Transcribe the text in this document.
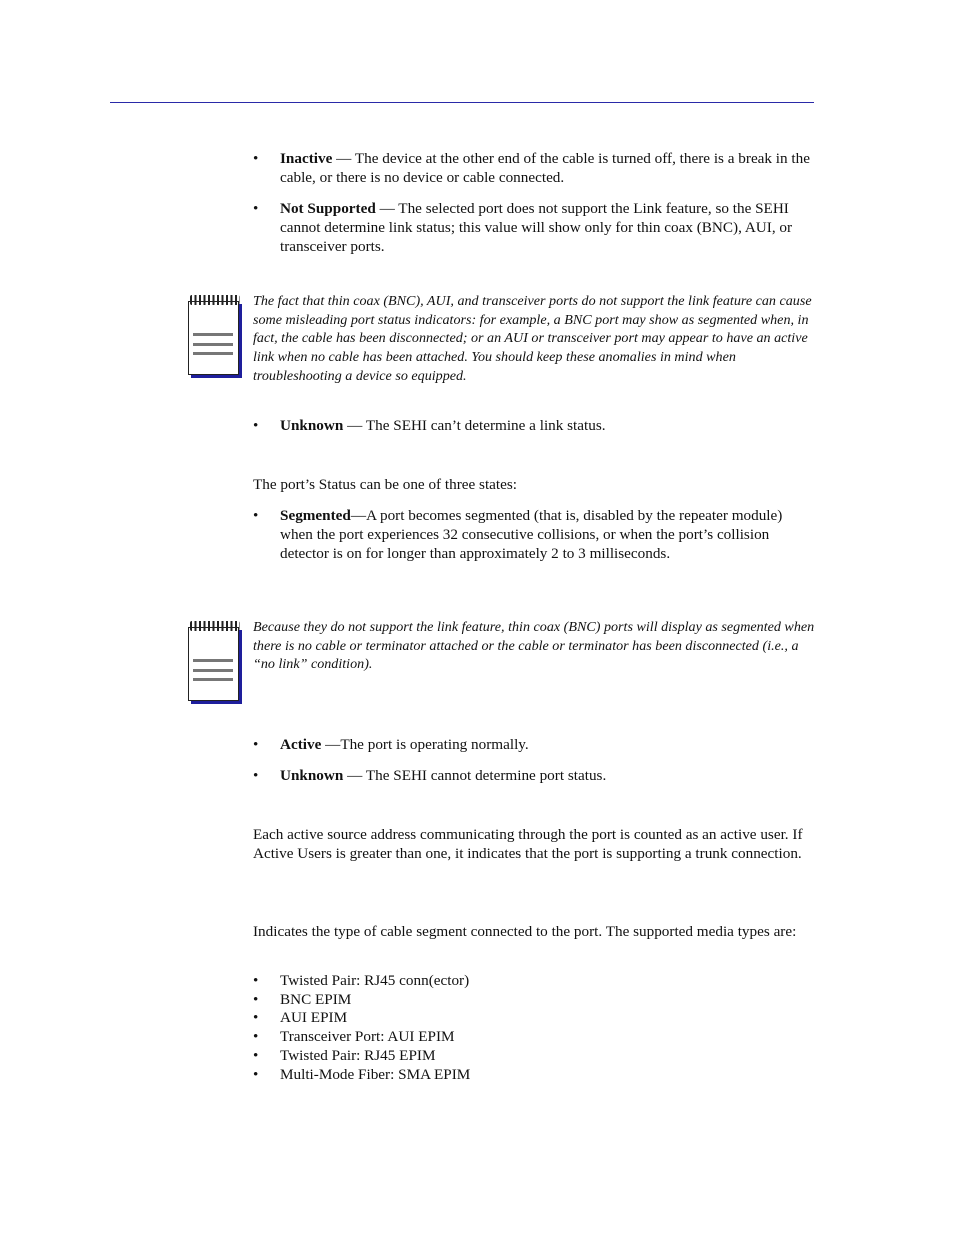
• Inactive — The device at the other end of the cable is turned off, there is a break in the cable, or there is no device or cable connected.

• Not Supported — The selected port does not support the Link feature, so the SEHI cannot determine link status; this value will show only for thin coax (BNC), AUI, or transceiver ports.

The fact that thin coax (BNC), AUI, and transceiver ports do not support the link feature can cause some misleading port status indicators: for example, a BNC port may show as segmented when, in fact, the cable has been disconnected; or an AUI or transceiver port may appear to have an active link when no cable has been attached. You should keep these anomalies in mind when troubleshooting a device so equipped.

• Unknown — The SEHI can’t determine a link status.

The port’s Status can be one of three states:

• Segmented—A port becomes segmented (that is, disabled by the repeater module) when the port experiences 32 consecutive collisions, or when the port’s collision detector is on for longer than approximately 2 to 3 milliseconds.

Because they do not support the link feature, thin coax (BNC) ports will display as segmented when there is no cable or terminator attached or the cable or terminator has been disconnected (i.e., a “no link” condition).

• Active —The port is operating normally.

• Unknown — The SEHI cannot determine port status.

Each active source address communicating through the port is counted as an active user. If Active Users is greater than one, it indicates that the port is supporting a trunk connection.

Indicates the type of cable segment connected to the port. The supported media types are:

• Twisted Pair: RJ45 conn(ector)

• BNC EPIM

• AUI EPIM

• Transceiver Port: AUI EPIM

• Twisted Pair: RJ45 EPIM

• Multi-Mode Fiber: SMA EPIM
